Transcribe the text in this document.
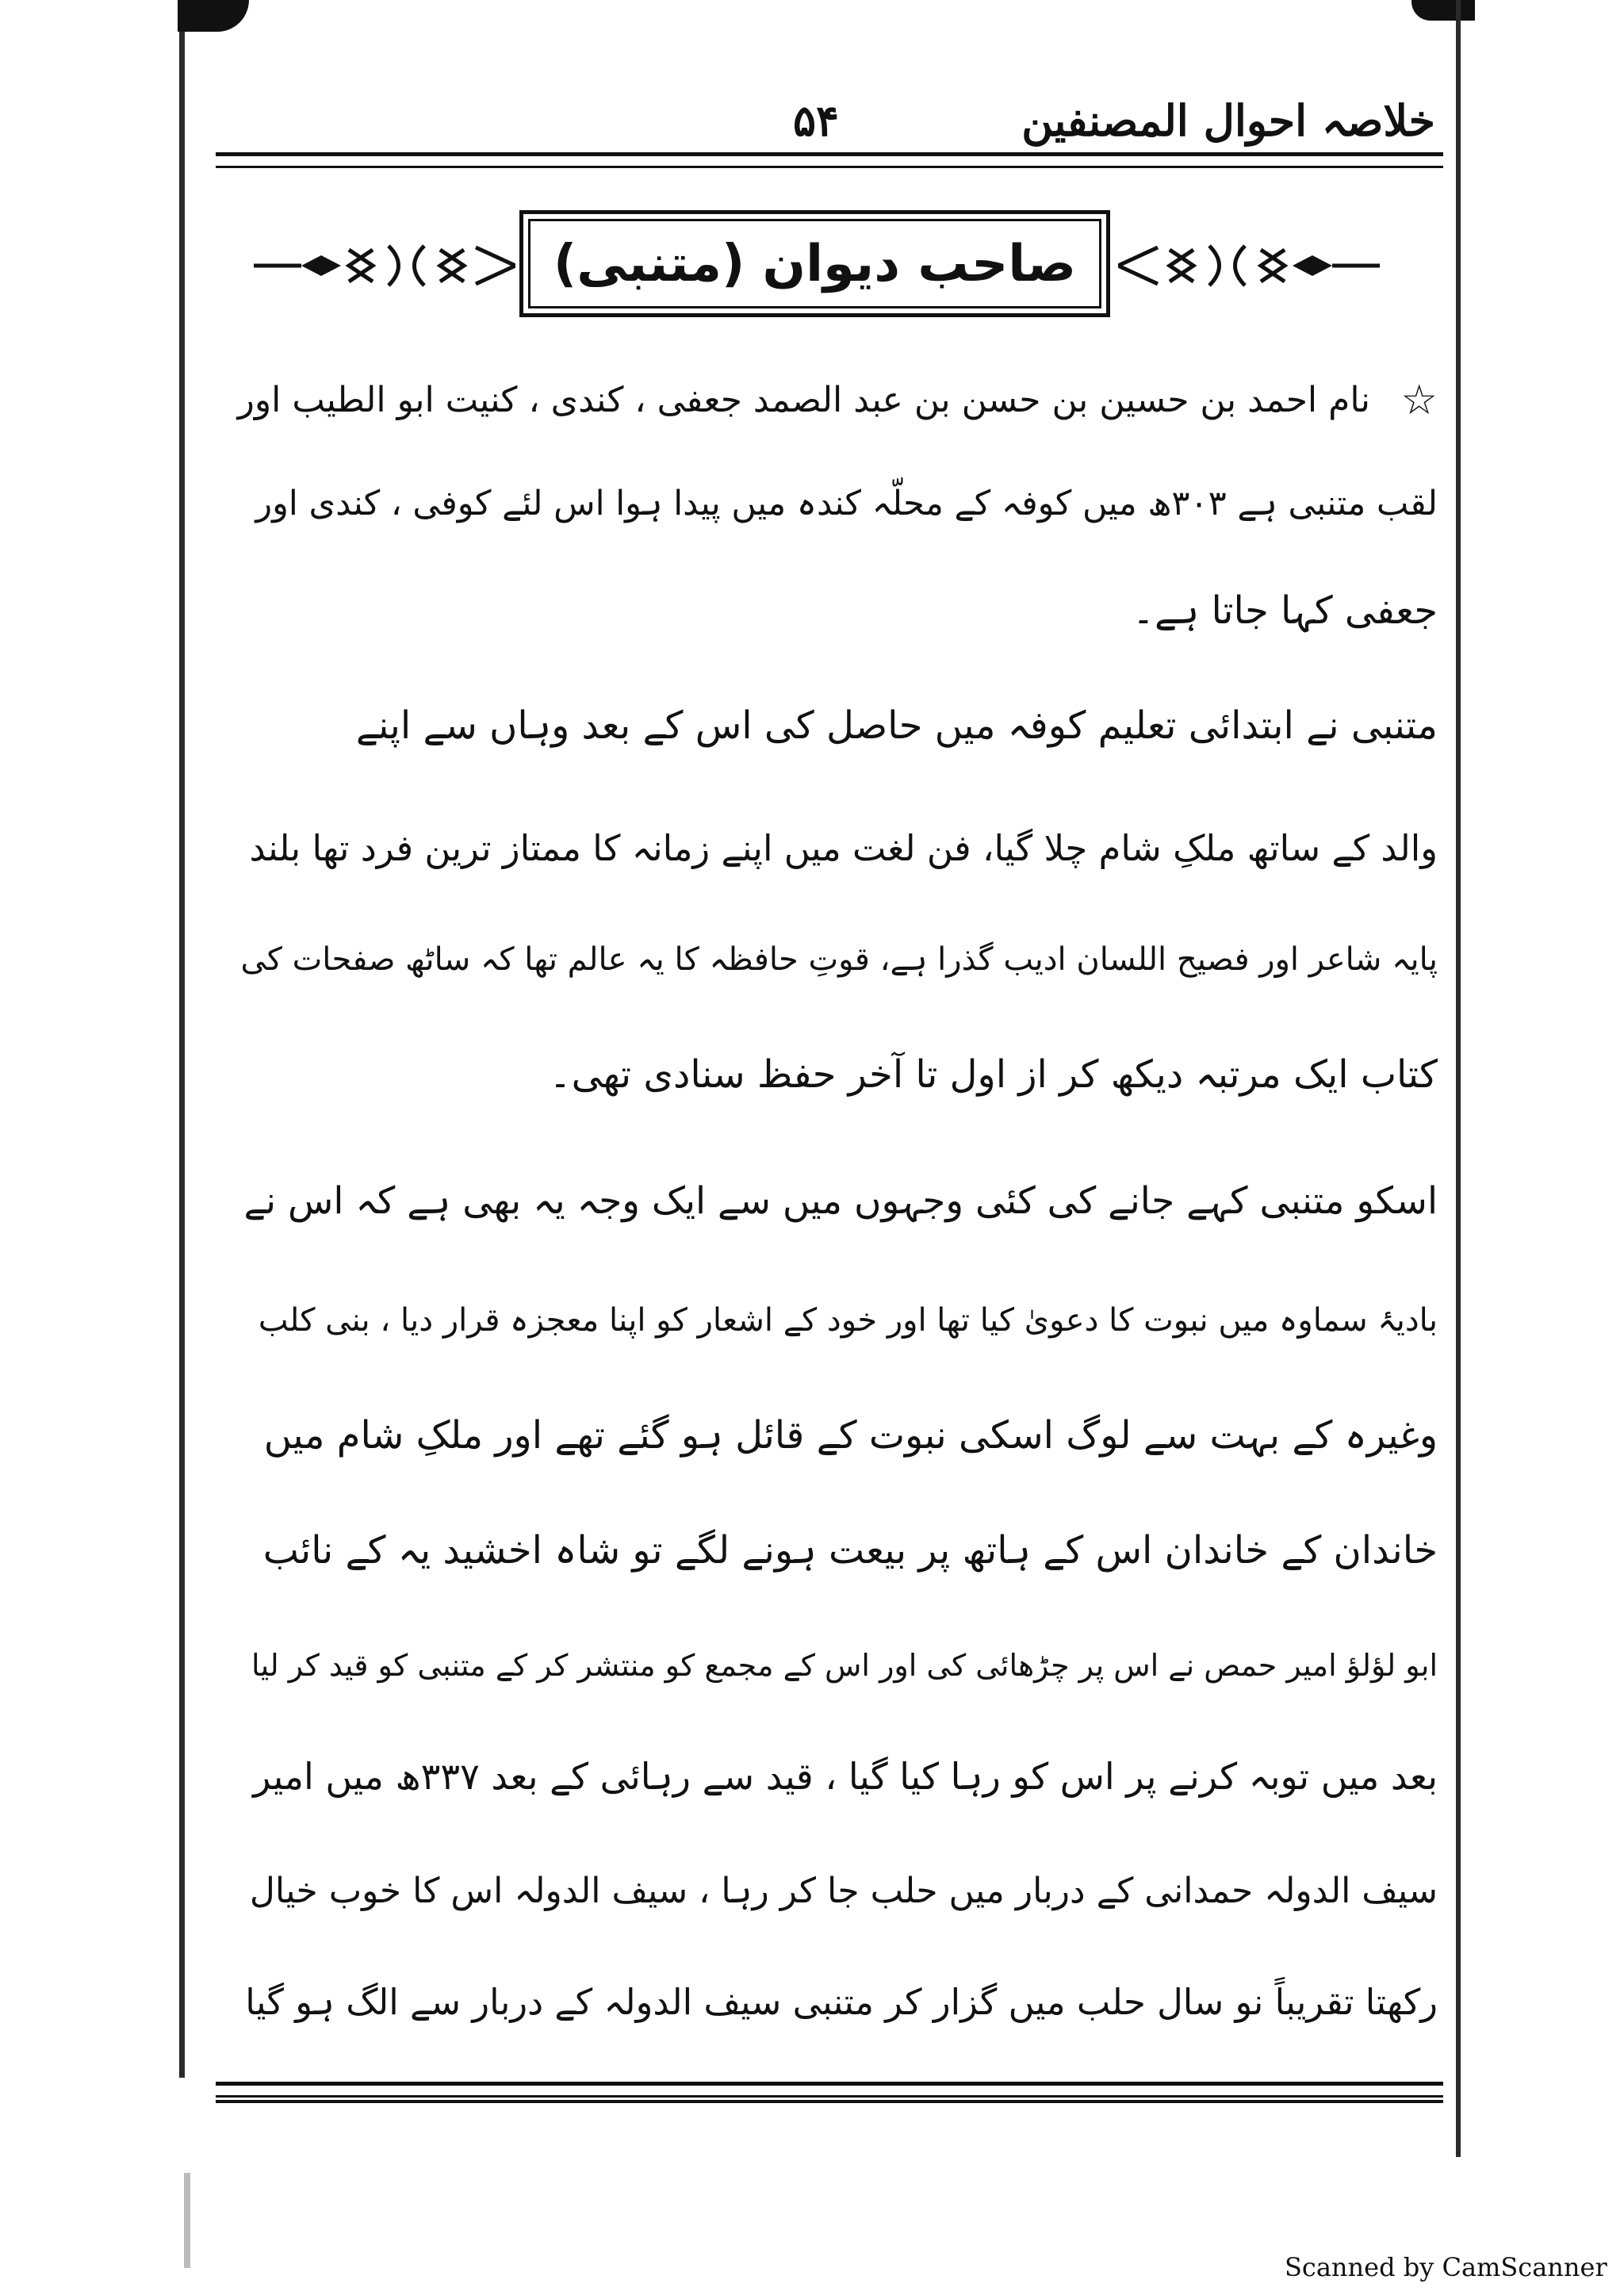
خلاصہ احوال المصنفین
۵۴
صاحب دیوان (متنبی)
☆
نام احمد بن حسین بن حسن بن عبد الصمد جعفی ، کندی ، کنیت ابو الطیب اور
لقب متنبی ہے ۳۰۳ھ میں کوفہ کے محلّہ کندہ میں پیدا ہوا اس لئے کوفی ، کندی اور
جعفی کہا جاتا ہے۔
متنبی نے ابتدائی تعلیم کوفہ میں حاصل کی اس کے بعد وہاں سے اپنے
والد کے ساتھ ملکِ شام چلا گیا، فن لغت میں اپنے زمانہ کا ممتاز ترین فرد تھا بلند
پایہ شاعر اور فصیح اللسان ادیب گذرا ہے، قوتِ حافظہ کا یہ عالم تھا کہ ساٹھ صفحات کی
کتاب ایک مرتبہ دیکھ کر از اول تا آخر حفظ سنادی تھی۔
اسکو متنبی کہے جانے کی کئی وجہوں میں سے ایک وجہ یہ بھی ہے کہ اس نے
بادیۂ سماوہ میں نبوت کا دعویٰ کیا تھا اور خود کے اشعار کو اپنا معجزہ قرار دیا ، بنی کلب
وغیرہ کے بہت سے لوگ اسکی نبوت کے قائل ہو گئے تھے اور ملکِ شام میں
خاندان کے خاندان اس کے ہاتھ پر بیعت ہونے لگے تو شاہ اخشید یہ کے نائب
ابو لؤلؤ امیر حمص نے اس پر چڑھائی کی اور اس کے مجمع کو منتشر کر کے متنبی کو قید کر لیا
بعد میں توبہ کرنے پر اس کو رہا کیا گیا ، قید سے رہائی کے بعد ۳۳۷ھ میں امیر
سیف الدولہ حمدانی کے دربار میں حلب جا کر رہا ، سیف الدولہ اس کا خوب خیال
رکھتا تقریباً نو سال حلب میں گزار کر متنبی سیف الدولہ کے دربار سے الگ ہو گیا
Scanned by CamScanner
